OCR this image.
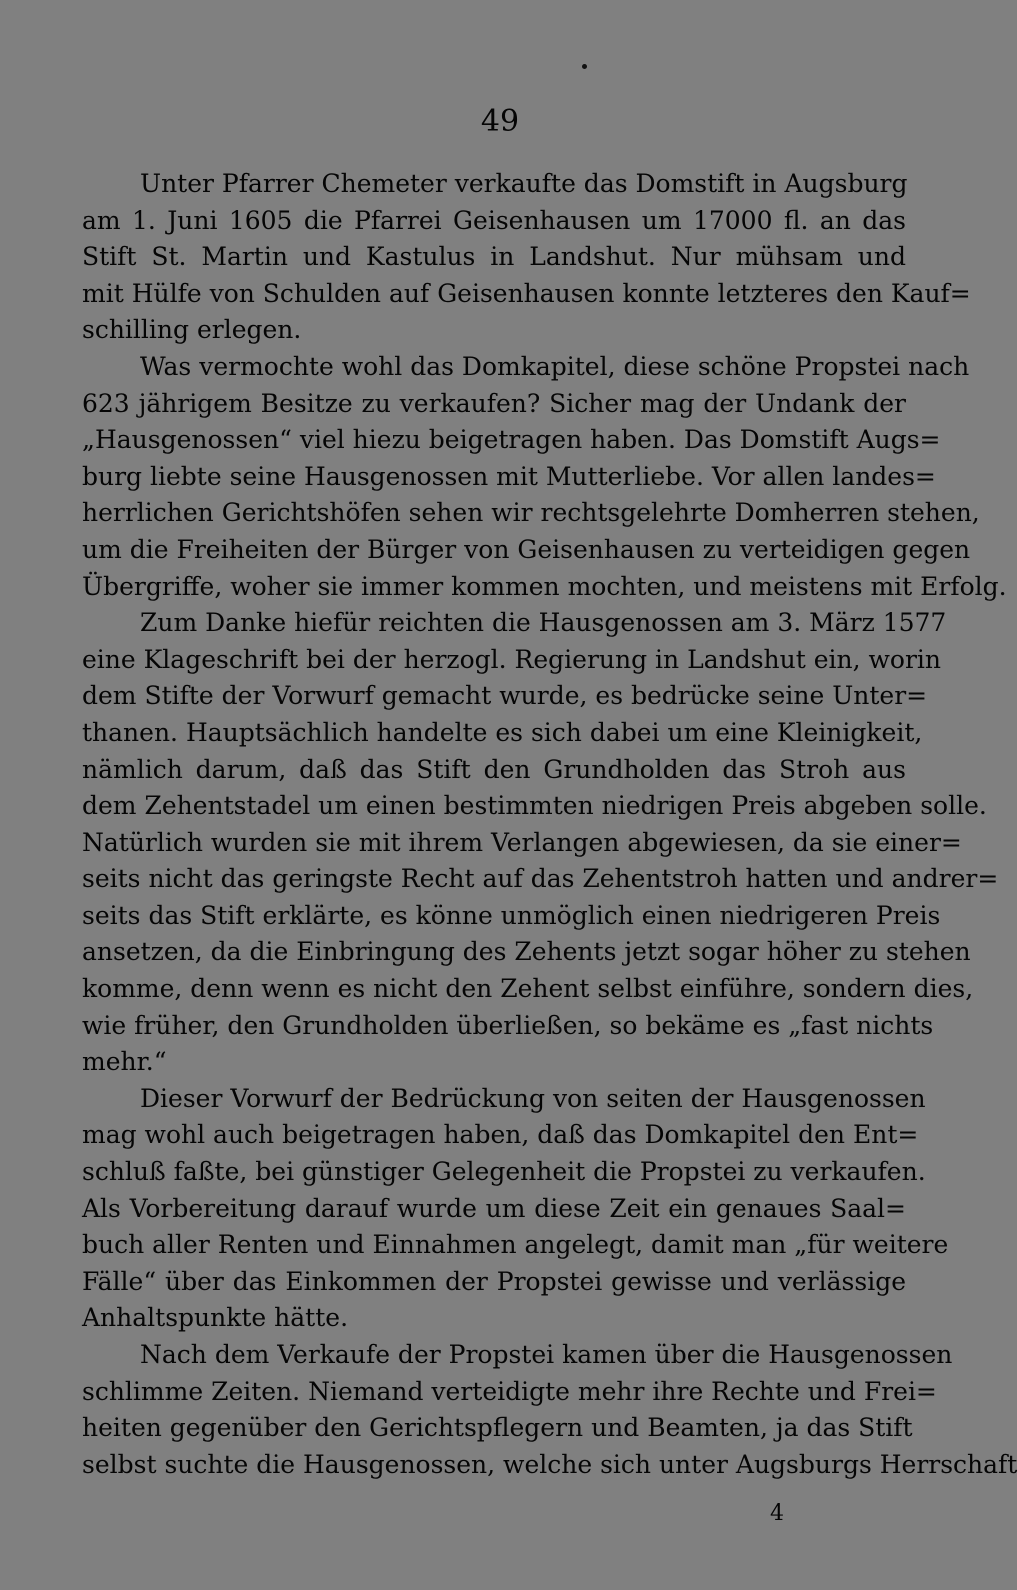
49
Unter Pfarrer Chemeter verkaufte das Domstift in Augsburg
am 1. Juni 1605 die Pfarrei Geisenhausen um 17000 fl. an das
Stift St. Martin und Kastulus in Landshut. Nur mühsam und
mit Hülfe von Schulden auf Geisenhausen konnte letzteres den Kauf=
schilling erlegen.
Was vermochte wohl das Domkapitel, diese schöne Propstei nach
623 jährigem Besitze zu verkaufen? Sicher mag der Undank der
„Hausgenossen“ viel hiezu beigetragen haben. Das Domstift Augs=
burg liebte seine Hausgenossen mit Mutterliebe. Vor allen landes=
herrlichen Gerichtshöfen sehen wir rechtsgelehrte Domherren stehen,
um die Freiheiten der Bürger von Geisenhausen zu verteidigen gegen
Übergriffe, woher sie immer kommen mochten, und meistens mit Erfolg.
Zum Danke hiefür reichten die Hausgenossen am 3. März 1577
eine Klageschrift bei der herzogl. Regierung in Landshut ein, worin
dem Stifte der Vorwurf gemacht wurde, es bedrücke seine Unter=
thanen. Hauptsächlich handelte es sich dabei um eine Kleinigkeit,
nämlich darum, daß das Stift den Grundholden das Stroh aus
dem Zehentstadel um einen bestimmten niedrigen Preis abgeben solle.
Natürlich wurden sie mit ihrem Verlangen abgewiesen, da sie einer=
seits nicht das geringste Recht auf das Zehentstroh hatten und andrer=
seits das Stift erklärte, es könne unmöglich einen niedrigeren Preis
ansetzen, da die Einbringung des Zehents jetzt sogar höher zu stehen
komme, denn wenn es nicht den Zehent selbst einführe, sondern dies,
wie früher, den Grundholden überließen, so bekäme es „fast nichts
mehr.“
Dieser Vorwurf der Bedrückung von seiten der Hausgenossen
mag wohl auch beigetragen haben, daß das Domkapitel den Ent=
schluß faßte, bei günstiger Gelegenheit die Propstei zu verkaufen.
Als Vorbereitung darauf wurde um diese Zeit ein genaues Saal=
buch aller Renten und Einnahmen angelegt, damit man „für weitere
Fälle“ über das Einkommen der Propstei gewisse und verlässige
Anhaltspunkte hätte.
Nach dem Verkaufe der Propstei kamen über die Hausgenossen
schlimme Zeiten. Niemand verteidigte mehr ihre Rechte und Frei=
heiten gegenüber den Gerichtspflegern und Beamten, ja das Stift
selbst suchte die Hausgenossen, welche sich unter Augsburgs Herrschaft
4
